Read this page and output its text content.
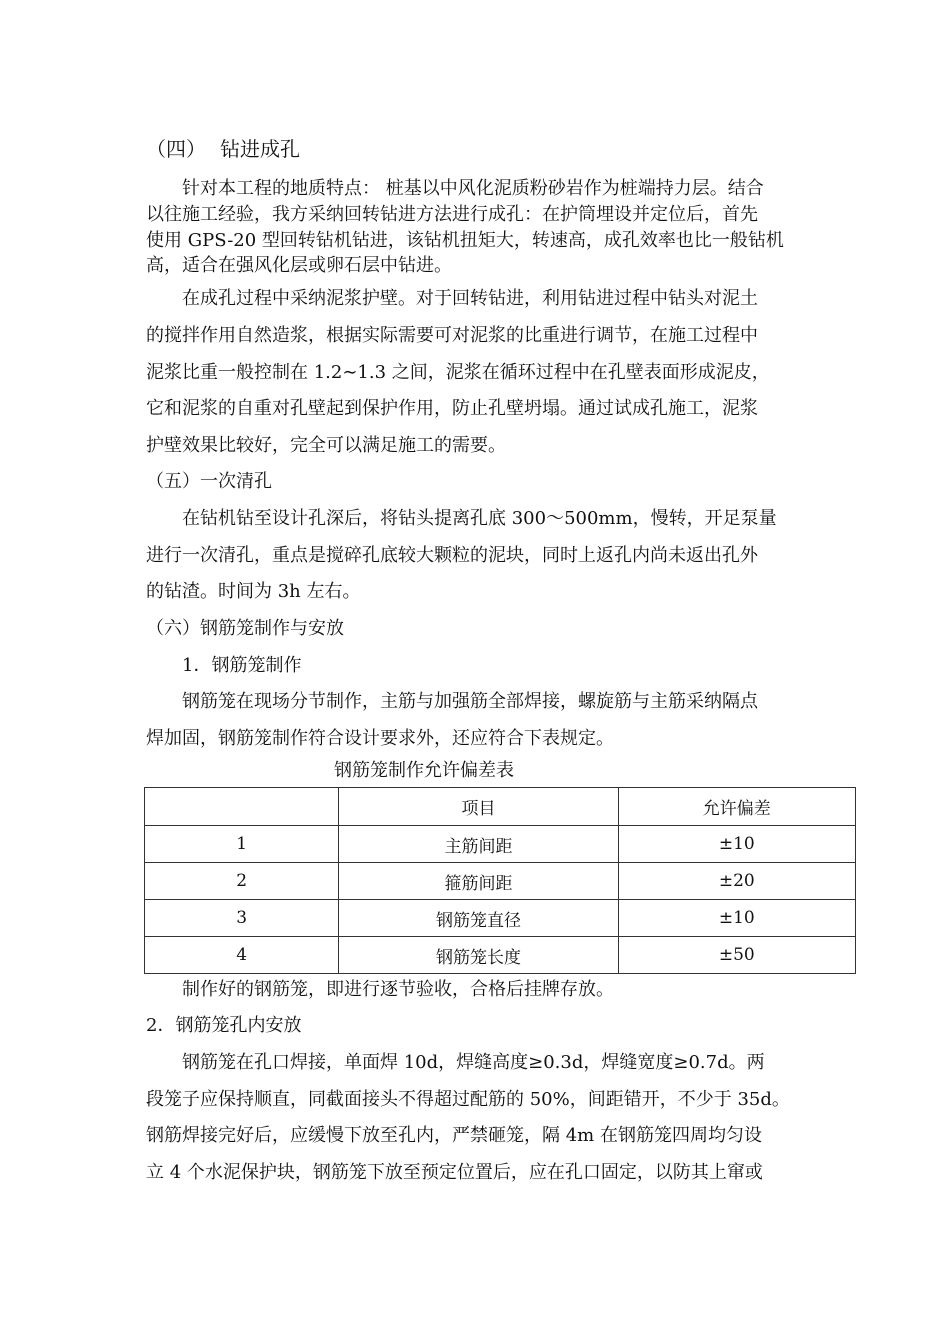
（四） 钻进成孔
针对本工程的地质特点： 桩基以中风化泥质粉砂岩作为桩端持力层。结合
以往施工经验，我方采纳回转钻进方法进行成孔：在护筒埋设并定位后，首先
使用 GPS-20 型回转钻机钻进，该钻机扭矩大，转速高，成孔效率也比一般钻机
高，适合在强风化层或卵石层中钻进。
在成孔过程中采纳泥浆护壁。对于回转钻进，利用钻进过程中钻头对泥土
的搅拌作用自然造浆，根据实际需要可对泥浆的比重进行调节，在施工过程中
泥浆比重一般控制在 1.2∼1.3 之间，泥浆在循环过程中在孔壁表面形成泥皮，
它和泥浆的自重对孔壁起到保护作用，防止孔壁坍塌。通过试成孔施工，泥浆
护壁效果比较好，完全可以满足施工的需要。
（五）一次清孔
在钻机钻至设计孔深后，将钻头提离孔底 300～500mm，慢转，开足泵量
进行一次清孔，重点是搅碎孔底较大颗粒的泥块，同时上返孔内尚未返出孔外
的钻渣。时间为 3h 左右。
（六）钢筋笼制作与安放
1．钢筋笼制作
钢筋笼在现场分节制作，主筋与加强筋全部焊接，螺旋筋与主筋采纳隔点
焊加固，钢筋笼制作符合设计要求外，还应符合下表规定。
钢筋笼制作允许偏差表
	项目	允许偏差
1	主筋间距	±10
2	箍筋间距	±20
3	钢筋笼直径	±10
4	钢筋笼长度	±50
制作好的钢筋笼，即进行逐节验收，合格后挂牌存放。
2．钢筋笼孔内安放
钢筋笼在孔口焊接，单面焊 10d，焊缝高度≥0.3d，焊缝宽度≥0.7d。两
段笼子应保持顺直，同截面接头不得超过配筋的 50%，间距错开，不少于 35d。
钢筋焊接完好后，应缓慢下放至孔内，严禁砸笼，隔 4m 在钢筋笼四周均匀设
立 4 个水泥保护块，钢筋笼下放至预定位置后，应在孔口固定，以防其上窜或
